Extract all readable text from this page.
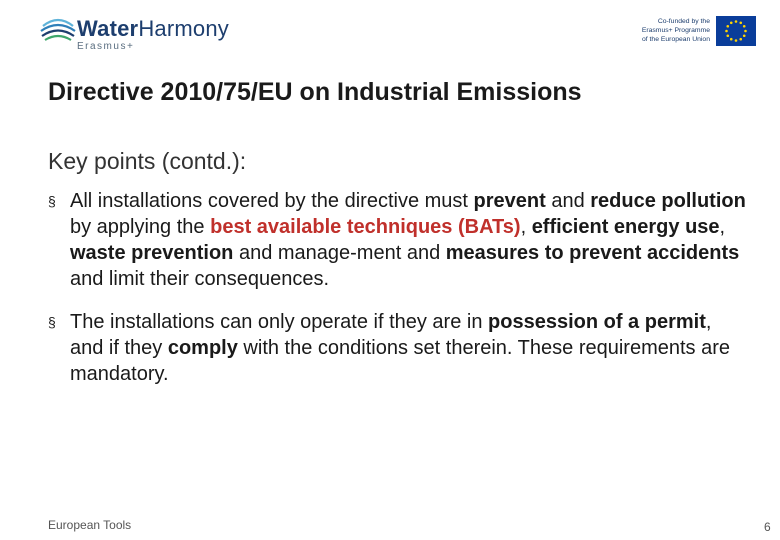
WaterHarmony
Erasmus+
Co-funded by the
Erasmus+ Programme
of the European Union
Directive 2010/75/EU on Industrial Emissions
Key points (contd.):
§ All installations covered by the directive must prevent and reduce pollution by applying the best available techniques (BATs), efficient energy use, waste prevention and manage-ment and measures to prevent accidents and limit their consequences.
§ The installations can only operate if they are in possession of a permit, and if they comply with the conditions set therein. These requirements are mandatory.
European Tools	6
